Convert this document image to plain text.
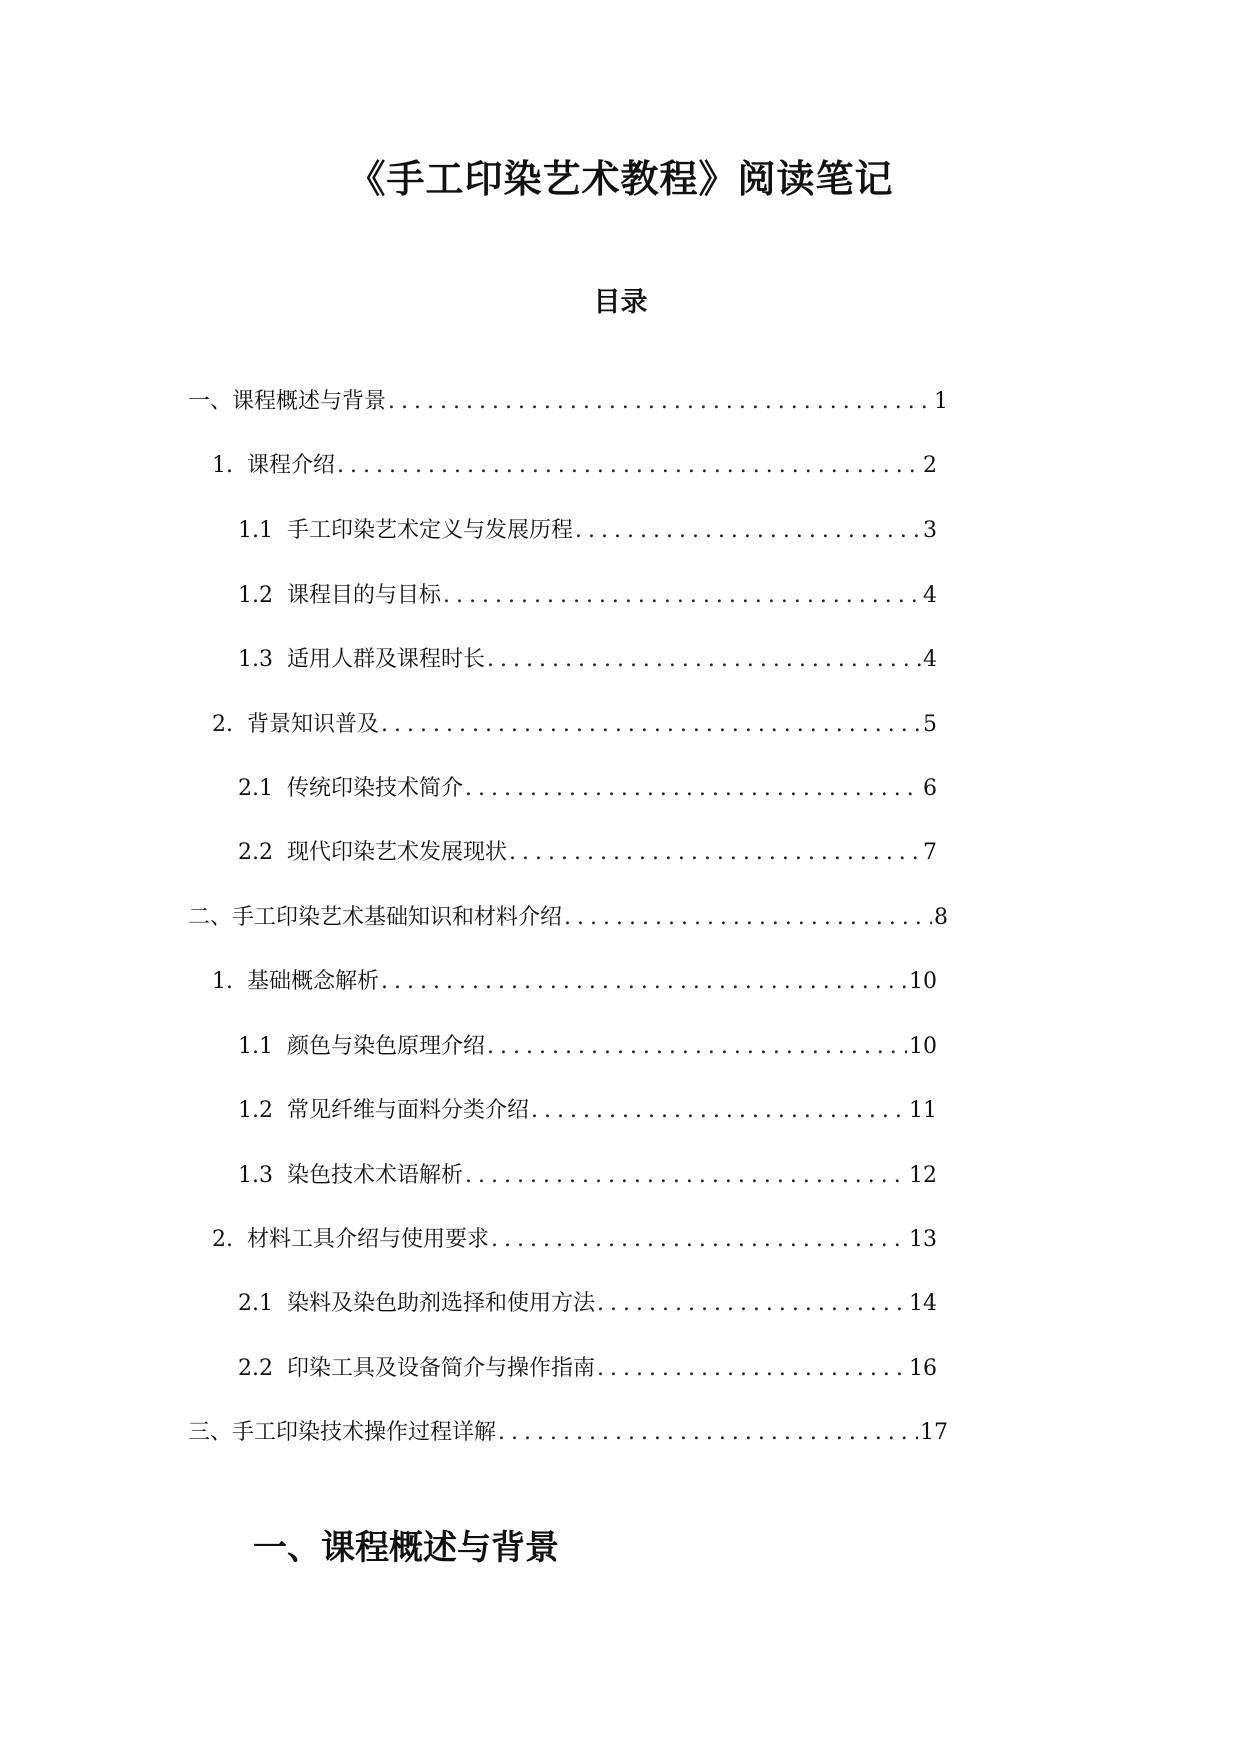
《手工印染艺术教程》阅读笔记
目录
一、课程概述与背景 .....	1
1. 课程介绍 .....	2
1.1 手工印染艺术定义与发展历程 .....	3
1.2 课程目的与目标 .....	4
1.3 适用人群及课程时长 .....	4
2. 背景知识普及 .....	5
2.1 传统印染技术简介 .....	6
2.2 现代印染艺术发展现状 .....	7
二、手工印染艺术基础知识和材料介绍 .....	8
1. 基础概念解析 .....	10
1.1 颜色与染色原理介绍 .....	10
1.2 常见纤维与面料分类介绍 .....	11
1.3 染色技术术语解析 .....	12
2. 材料工具介绍与使用要求 .....	13
2.1 染料及染色助剂选择和使用方法 .....	14
2.2 印染工具及设备简介与操作指南 .....	16
三、手工印染技术操作过程详解 .....	17
一、课程概述与背景
